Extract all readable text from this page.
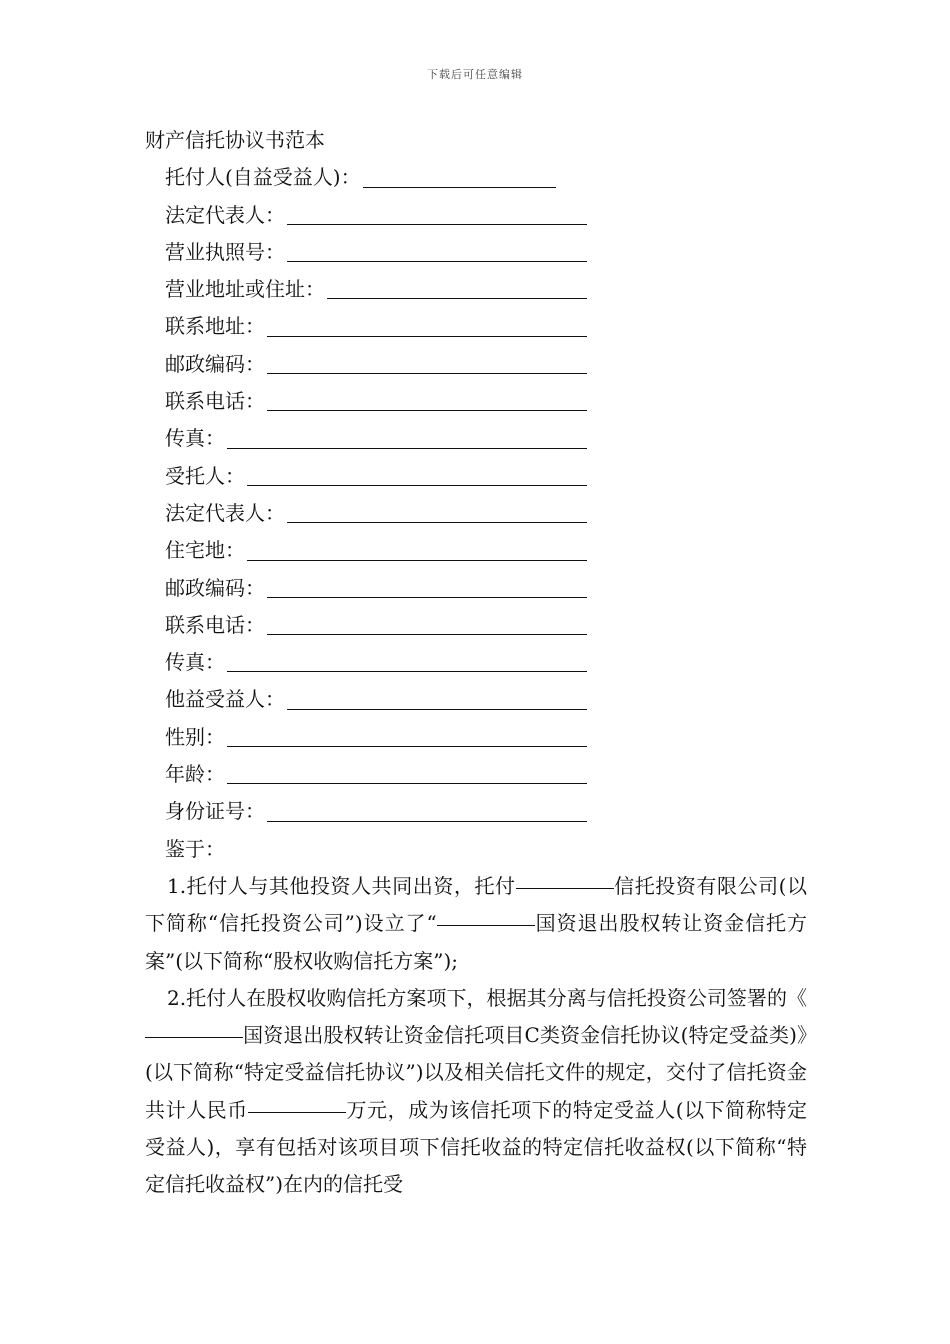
下载后可任意编辑
财产信托协议书范本
托付人(自益受益人)：
法定代表人：
营业执照号：
营业地址或住址：
联系地址：
邮政编码：
联系电话：
传真：
受托人：
法定代表人：
住宅地：
邮政编码：
联系电话：
传真：
他益受益人：
性别：
年龄：
身份证号：
鉴于：

1.托付人与其他投资人共同出资，托付	信托投资有限公司(以下简称“信托投资公司”)设立了“	国资退出股权转让资金信托方案”(以下简称“股权收购信托方案”);

2.托付人在股权收购信托方案项下，根据其分离与信托投资公司签署的《国资退出股权转让资金信托项目C类资金信托协议(特定受益类)》(以下简称“特定受益信托协议”)以及相关信托文件的规定，交付了信托资金共计人民币	万元，成为该信托项下的特定受益人(以下简称特定受益人)，享有包括对该项目项下信托收益的特定信托收益权(以下简称“特定信托收益权”)在内的信托受
